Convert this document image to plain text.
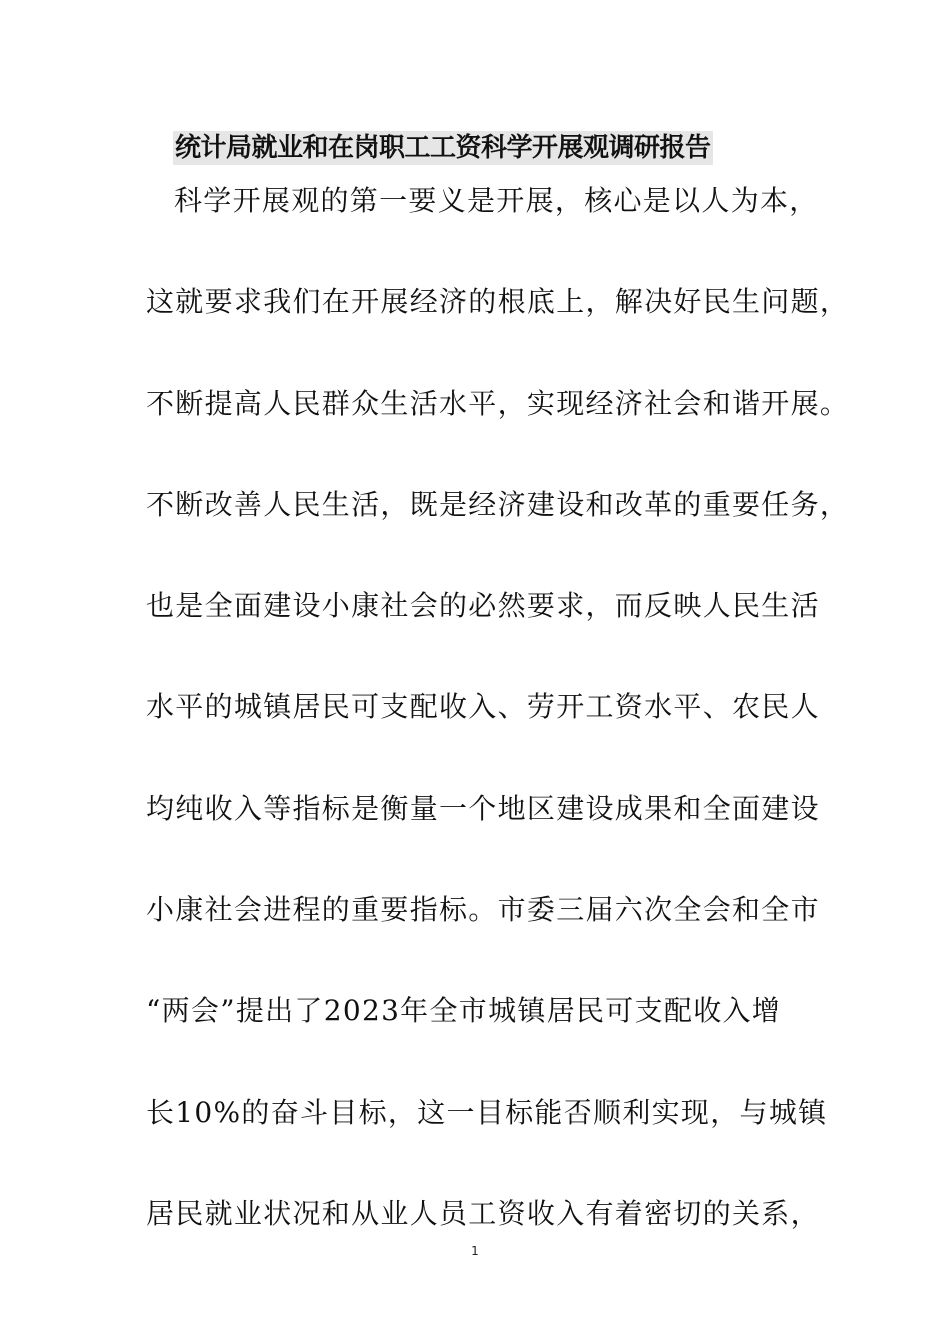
统计局就业和在岗职工工资科学开展观调研报告
科学开展观的第一要义是开展，核心是以人为本，
这就要求我们在开展经济的根底上，解决好民生问题，
不断提高人民群众生活水平，实现经济社会和谐开展。
不断改善人民生活，既是经济建设和改革的重要任务，
也是全面建设小康社会的必然要求，而反映人民生活
水平的城镇居民可支配收入、劳开工资水平、农民人
均纯收入等指标是衡量一个地区建设成果和全面建设
小康社会进程的重要指标。市委三届六次全会和全市
“两会”提出了2023年全市城镇居民可支配收入增
长10%的奋斗目标，这一目标能否顺利实现，与城镇
居民就业状况和从业人员工资收入有着密切的关系，
1
